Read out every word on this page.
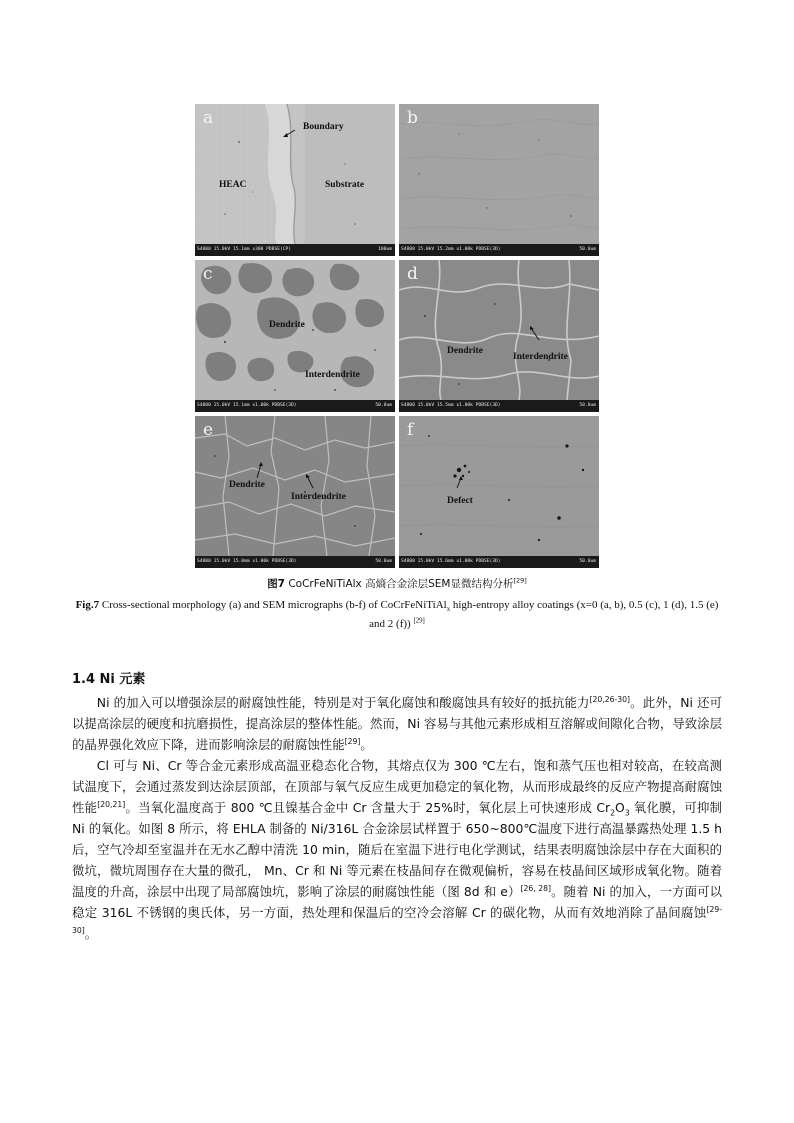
a	Boundary
HEAC	Substrate
S4800 15.0kV 15.1mm x300 PDBSE(CP)	100um
b
S4800 15.0kV 15.2mm x1.00k PDBSE(3D)	50.0um
c
Dendrite
Interdendrite
S4800 15.0kV 15.1mm x1.00k PDBSE(3D)	50.0um
d
Dendrite
Interdendrite
S4800 15.0kV 15.5mm x1.00k PDBSE(3D)	50.0um
e
Dendrite
Interdendrite
S4800 15.0kV 15.0mm x1.00k PDBSE(3D)	50.0um
f
Defect
S4800 15.0kV 15.6mm x1.00k PDBSE(3D)	50.0um
图7 CoCrFeNiTiAlx 高熵合金涂层SEM显微结构分析[29]
Fig.7 Cross-sectional morphology (a) and SEM micrographs (b-f) of CoCrFeNiTiAl$_x$ high-entropy alloy coatings (x=0 (a, b), 0.5 (c), 1 (d), 1.5 (e) and 2 (f)) [29]
1.4 Ni 元素

Ni 的加入可以增强涂层的耐腐蚀性能，特别是对于氧化腐蚀和酸腐蚀具有较好的抵抗能力[20,26-30]。此外，Ni 还可以提高涂层的硬度和抗磨损性，提高涂层的整体性能。然而，Ni 容易与其他元素形成相互溶解或间隙化合物，导致涂层的晶界强化效应下降，进而影响涂层的耐腐蚀性能[29]。

Cl 可与 Ni、Cr 等合金元素形成高温亚稳态化合物，其熔点仅为 300 ℃左右，饱和蒸气压也相对较高，在较高测试温度下，会通过蒸发到达涂层顶部，在顶部与氧气反应生成更加稳定的氧化物，从而形成最终的反应产物提高耐腐蚀性能[20,21]。当氧化温度高于 800 ℃且镍基合金中 Cr 含量大于 25%时，氧化层上可快速形成 $Cr_2O_3$ 氧化膜，可抑制 Ni 的氧化。如图 8 所示，将 EHLA 制备的 Ni/316L 合金涂层试样置于 650~800℃温度下进行高温暴露热处理 1.5 h 后，空气冷却至室温并在无水乙醇中清洗 10 min，随后在室温下进行电化学测试，结果表明腐蚀涂层中存在大面积的微坑，微坑周围存在大量的微孔， Mn、Cr 和 Ni 等元素在枝晶间存在微观偏析，容易在枝晶间区域形成氧化物。随着温度的升高，涂层中出现了局部腐蚀坑，影响了涂层的耐腐蚀性能（图 8d 和 e）[26, 28]。随着 Ni 的加入，一方面可以稳定 316L 不锈钢的奥氏体，另一方面，热处理和保温后的空冷会溶解 Cr 的碳化物，从而有效地消除了晶间腐蚀[29-30]。
